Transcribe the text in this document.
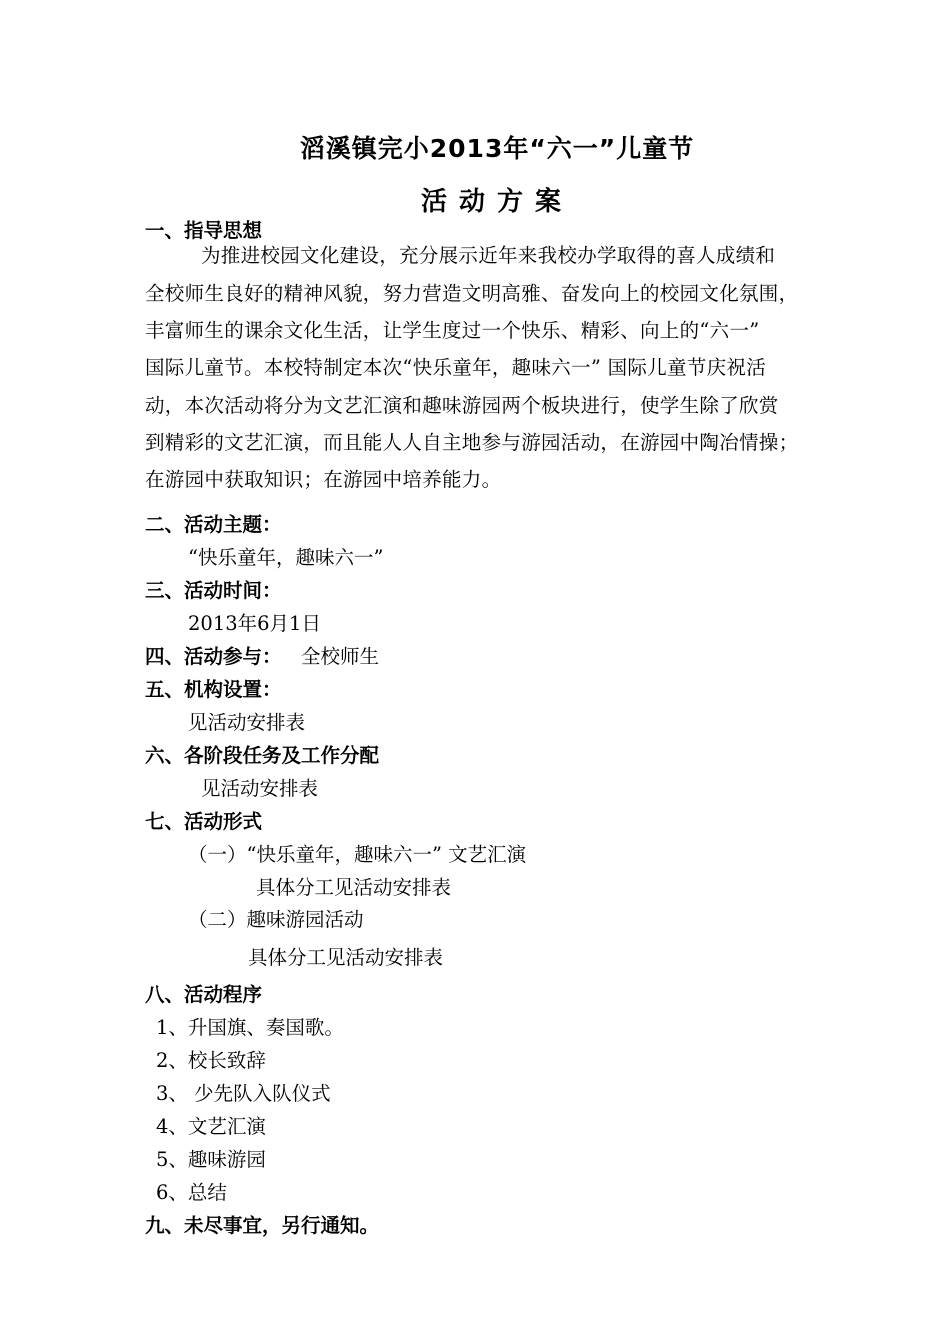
滔溪镇完小2013年“六一”儿童节
活动方案
一、指导思想
为推进校园文化建设，充分展示近年来我校办学取得的喜人成绩和
全校师生良好的精神风貌，努力营造文明高雅、奋发向上的校园文化氛围，
丰富师生的课余文化生活，让学生度过一个快乐、精彩、向上的“六一”
国际儿童节。本校特制定本次“快乐童年，趣味六一” 国际儿童节庆祝活
动，本次活动将分为文艺汇演和趣味游园两个板块进行，使学生除了欣赏
到精彩的文艺汇演，而且能人人自主地参与游园活动，在游园中陶冶情操；
在游园中获取知识；在游园中培养能力。
二、活动主题：
“快乐童年，趣味六一”
三、活动时间：
2013年6月1日
四、活动参与： 全校师生
五、机构设置：
见活动安排表
六、各阶段任务及工作分配
见活动安排表
七、活动形式
（一）“快乐童年，趣味六一” 文艺汇演
具体分工见活动安排表
（二）趣味游园活动
具体分工见活动安排表
八、活动程序
1、升国旗、奏国歌。
2、校长致辞
3、 少先队入队仪式
4、文艺汇演
5、趣味游园
6、总结
九、未尽事宜，另行通知。
